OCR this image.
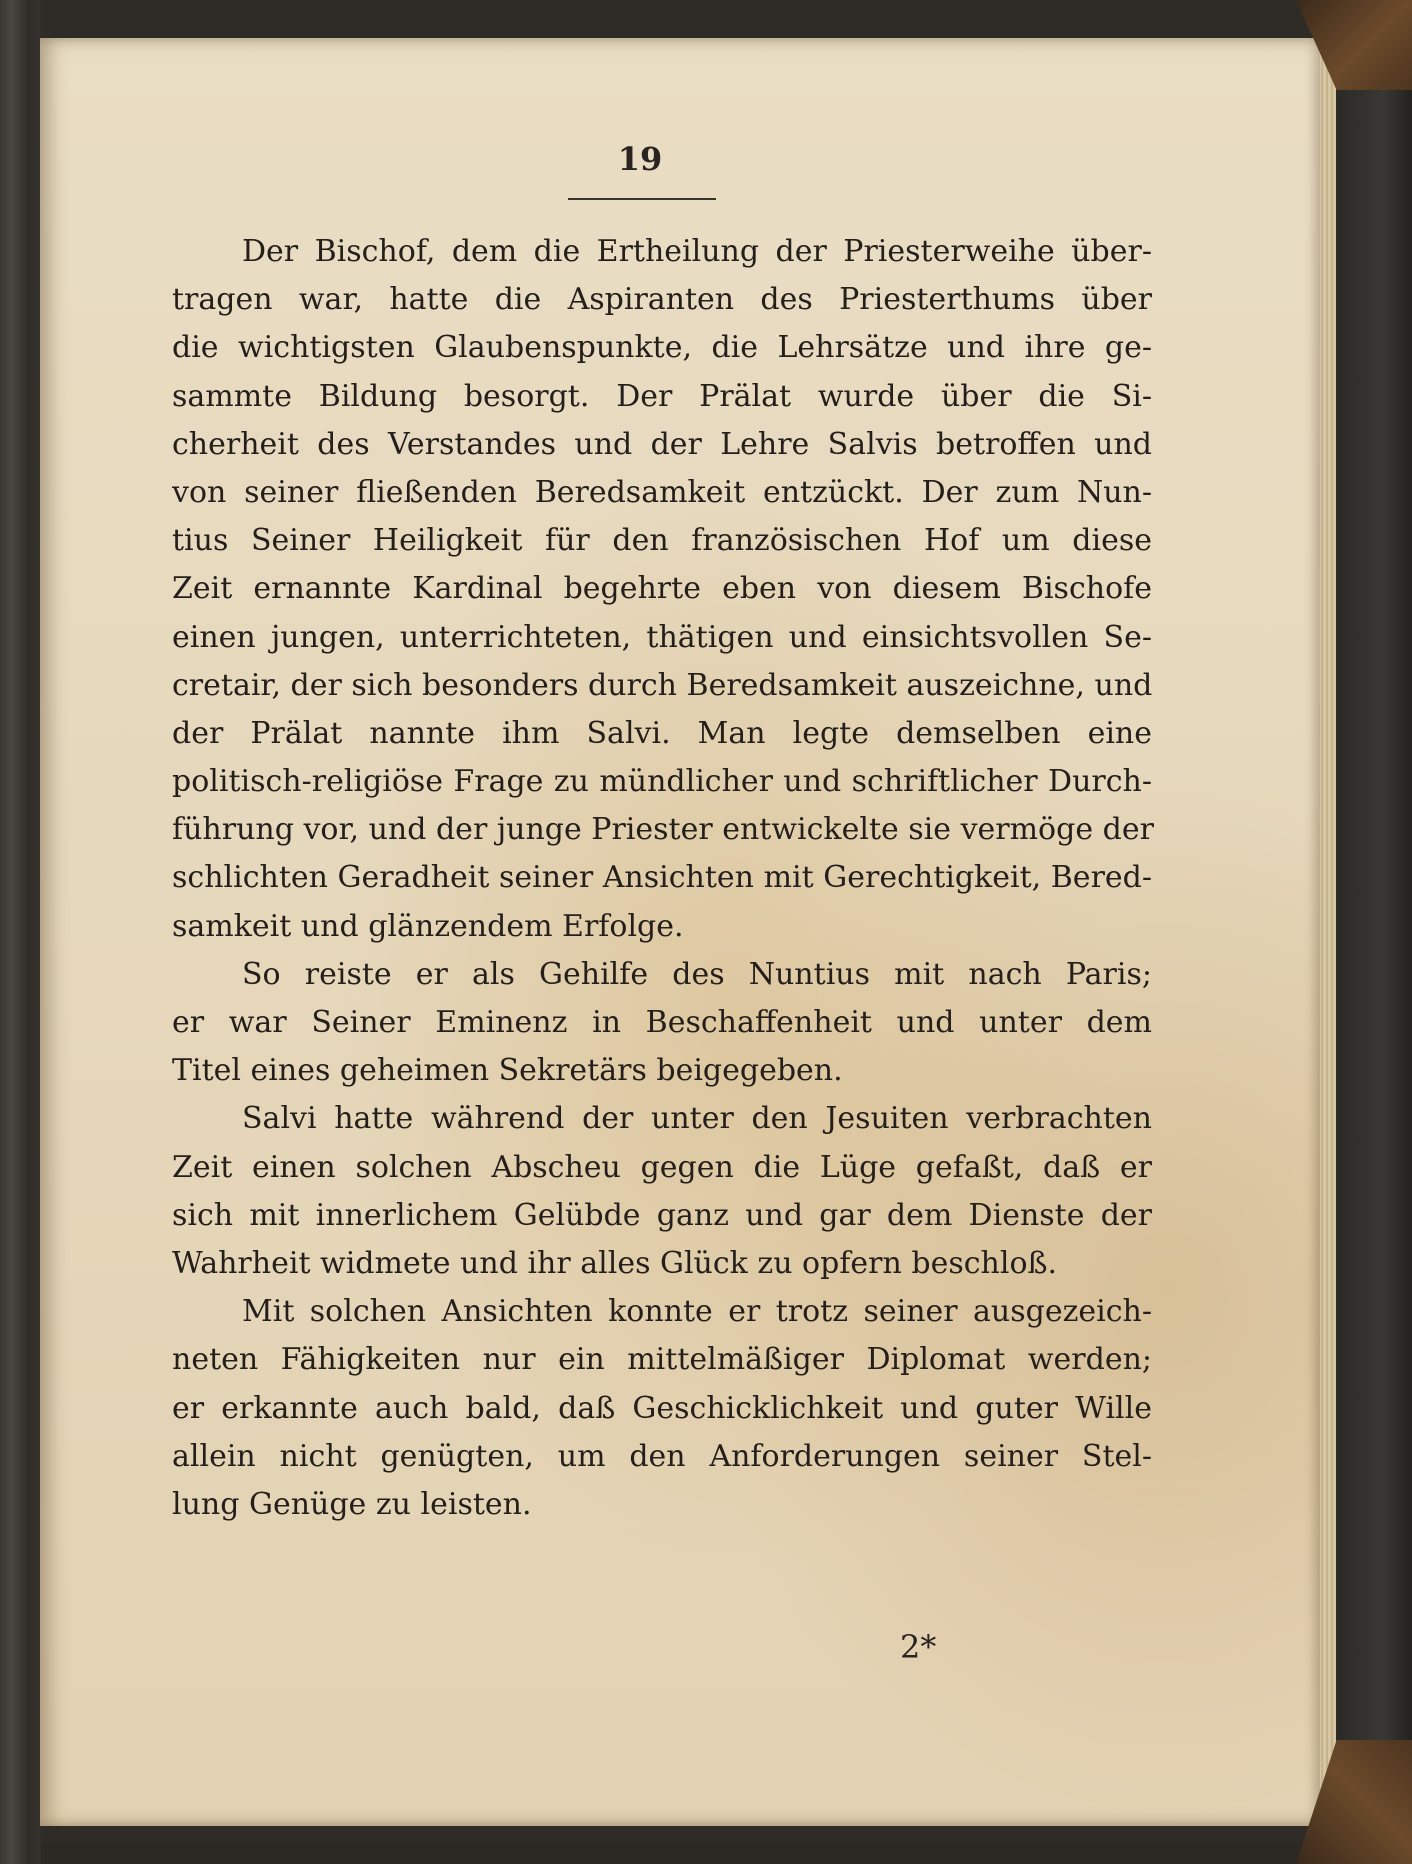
19
Der Bischof, dem die Ertheilung der Priesterweihe über-
tragen war, hatte die Aspiranten des Priesterthums über
die wichtigsten Glaubenspunkte, die Lehrsätze und ihre ge-
sammte Bildung besorgt. Der Prälat wurde über die Si-
cherheit des Verstandes und der Lehre Salvis betroffen und
von seiner fließenden Beredsamkeit entzückt. Der zum Nun-
tius Seiner Heiligkeit für den französischen Hof um diese
Zeit ernannte Kardinal begehrte eben von diesem Bischofe
einen jungen, unterrichteten, thätigen und einsichtsvollen Se-
cretair, der sich besonders durch Beredsamkeit auszeichne, und
der Prälat nannte ihm Salvi. Man legte demselben eine
politisch-religiöse Frage zu mündlicher und schriftlicher Durch-
führung vor, und der junge Priester entwickelte sie vermöge der
schlichten Geradheit seiner Ansichten mit Gerechtigkeit, Bered-
samkeit und glänzendem Erfolge.
So reiste er als Gehilfe des Nuntius mit nach Paris;
er war Seiner Eminenz in Beschaffenheit und unter dem
Titel eines geheimen Sekretärs beigegeben.
Salvi hatte während der unter den Jesuiten verbrachten
Zeit einen solchen Abscheu gegen die Lüge gefaßt, daß er
sich mit innerlichem Gelübde ganz und gar dem Dienste der
Wahrheit widmete und ihr alles Glück zu opfern beschloß.
Mit solchen Ansichten konnte er trotz seiner ausgezeich-
neten Fähigkeiten nur ein mittelmäßiger Diplomat werden;
er erkannte auch bald, daß Geschicklichkeit und guter Wille
allein nicht genügten, um den Anforderungen seiner Stel-
lung Genüge zu leisten.
2*
